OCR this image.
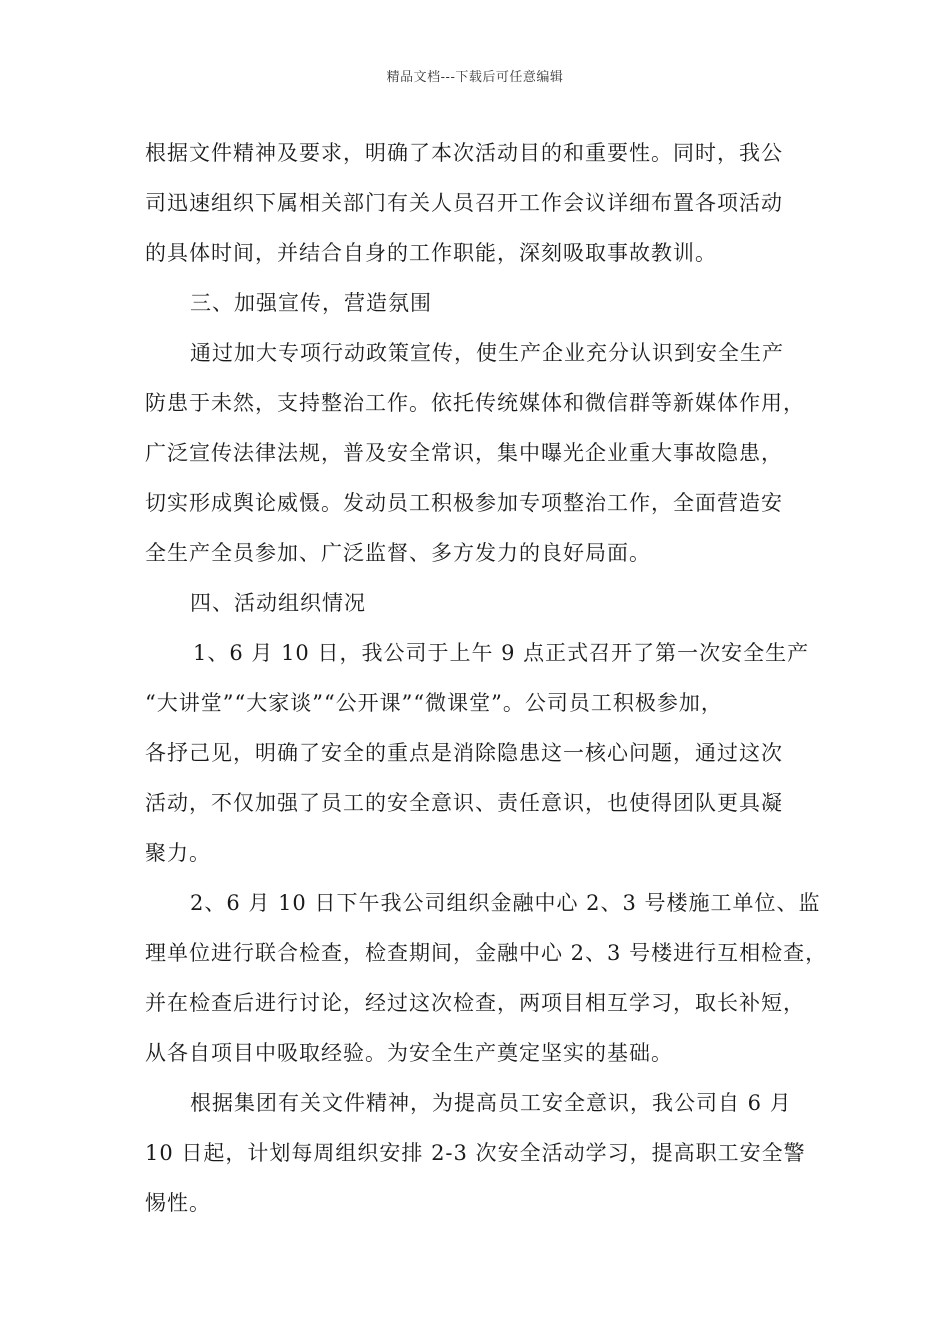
精品文档---下载后可任意编辑
根据文件精神及要求，明确了本次活动目的和重要性。同时，我公
司迅速组织下属相关部门有关人员召开工作会议详细布置各项活动
的具体时间，并结合自身的工作职能，深刻吸取事故教训。
三、加强宣传，营造氛围
通过加大专项行动政策宣传，使生产企业充分认识到安全生产
防患于未然，支持整治工作。依托传统媒体和微信群等新媒体作用，
广泛宣传法律法规，普及安全常识，集中曝光企业重大事故隐患，
切实形成舆论威慑。发动员工积极参加专项整治工作，全面营造安
全生产全员参加、广泛监督、多方发力的良好局面。
四、活动组织情况
1、6 月 10 日，我公司于上午 9 点正式召开了第一次安全生产
“大讲堂”“大家谈”“公开课”“微课堂”。公司员工积极参加，
各抒己见，明确了安全的重点是消除隐患这一核心问题，通过这次
活动，不仅加强了员工的安全意识、责任意识，也使得团队更具凝
聚力。
2、6 月 10 日下午我公司组织金融中心 2、3 号楼施工单位、监
理单位进行联合检查，检查期间，金融中心 2、3 号楼进行互相检查，
并在检查后进行讨论，经过这次检查，两项目相互学习，取长补短，
从各自项目中吸取经验。为安全生产奠定坚实的基础。
根据集团有关文件精神，为提高员工安全意识，我公司自 6 月
10 日起，计划每周组织安排 2-3 次安全活动学习，提高职工安全警
惕性。
